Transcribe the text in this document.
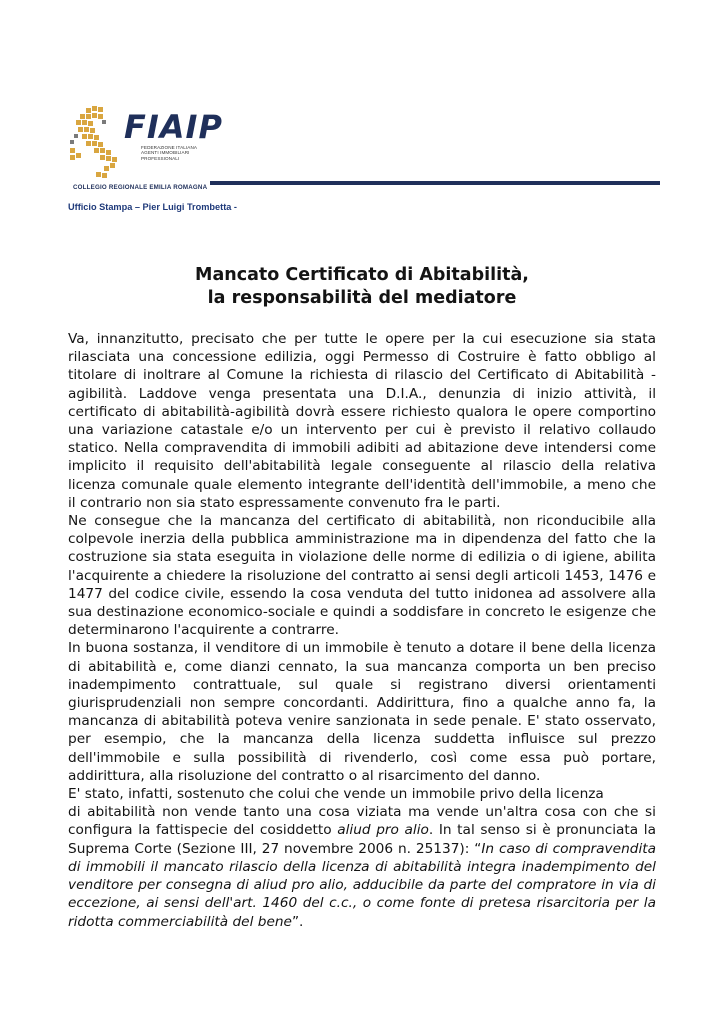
FIAIP
FEDERAZIONE ITALIANA
AGENTI IMMOBILIARI
PROFESSIONALI
COLLEGIO REGIONALE EMILIA ROMAGNA
Ufficio Stampa – Pier Luigi Trombetta -
Mancato Certificato di Abitabilità,
la responsabilità del mediatore

Va, innanzitutto, precisato che per tutte le opere per la cui esecuzione sia stata rilasciata una concessione edilizia, oggi Permesso di Costruire è fatto obbligo al titolare di inoltrare al Comune la richiesta di rilascio del Certificato di Abitabilità - agibilità. Laddove venga presentata una D.I.A., denunzia di inizio attività, il certificato di abitabilità-agibilità dovrà essere richiesto qualora le opere comportino una variazione catastale e/o un intervento per cui è previsto il relativo collaudo statico. Nella compravendita di immobili adibiti ad abitazione deve intendersi come implicito il requisito dell'abitabilità legale conseguente al rilascio della relativa licenza comunale quale elemento integrante dell'identità dell'immobile, a meno che il contrario non sia stato espressamente convenuto fra le parti.

Ne consegue che la mancanza del certificato di abitabilità, non riconducibile alla colpevole inerzia della pubblica amministrazione ma in dipendenza del fatto che la costruzione sia stata eseguita in violazione delle norme di edilizia o di igiene, abilita l'acquirente a chiedere la risoluzione del contratto ai sensi degli articoli 1453, 1476 e 1477 del codice civile, essendo la cosa venduta del tutto inidonea ad assolvere alla sua destinazione economico-sociale e quindi a soddisfare in concreto le esigenze che determinarono l'acquirente a contrarre.

In buona sostanza, il venditore di un immobile è tenuto a dotare il bene della licenza di abitabilità e, come dianzi cennato, la sua mancanza comporta un ben preciso inadempimento contrattuale, sul quale si registrano diversi orientamenti giurisprudenziali non sempre concordanti. Addirittura, fino a qualche anno fa, la mancanza di abitabilità poteva venire sanzionata in sede penale. E' stato osservato, per esempio, che la mancanza della licenza suddetta influisce sul prezzo dell'immobile e sulla possibilità di rivenderlo, così come essa può portare, addirittura, alla risoluzione del contratto o al risarcimento del danno.

E' stato, infatti, sostenuto che colui che vende un immobile privo della licenza

di abitabilità non vende tanto una cosa viziata ma vende un'altra cosa con che si configura la fattispecie del cosiddetto aliud pro alio. In tal senso si è pronunciata la Suprema Corte (Sezione III, 27 novembre 2006 n. 25137): “In caso di compravendita di immobili il mancato rilascio della licenza di abitabilità integra inadempimento del venditore per consegna di aliud pro alio, adducibile da parte del compratore in via di eccezione, ai sensi dell'art. 1460 del c.c., o come fonte di pretesa risarcitoria per la ridotta commerciabilità del bene”.
